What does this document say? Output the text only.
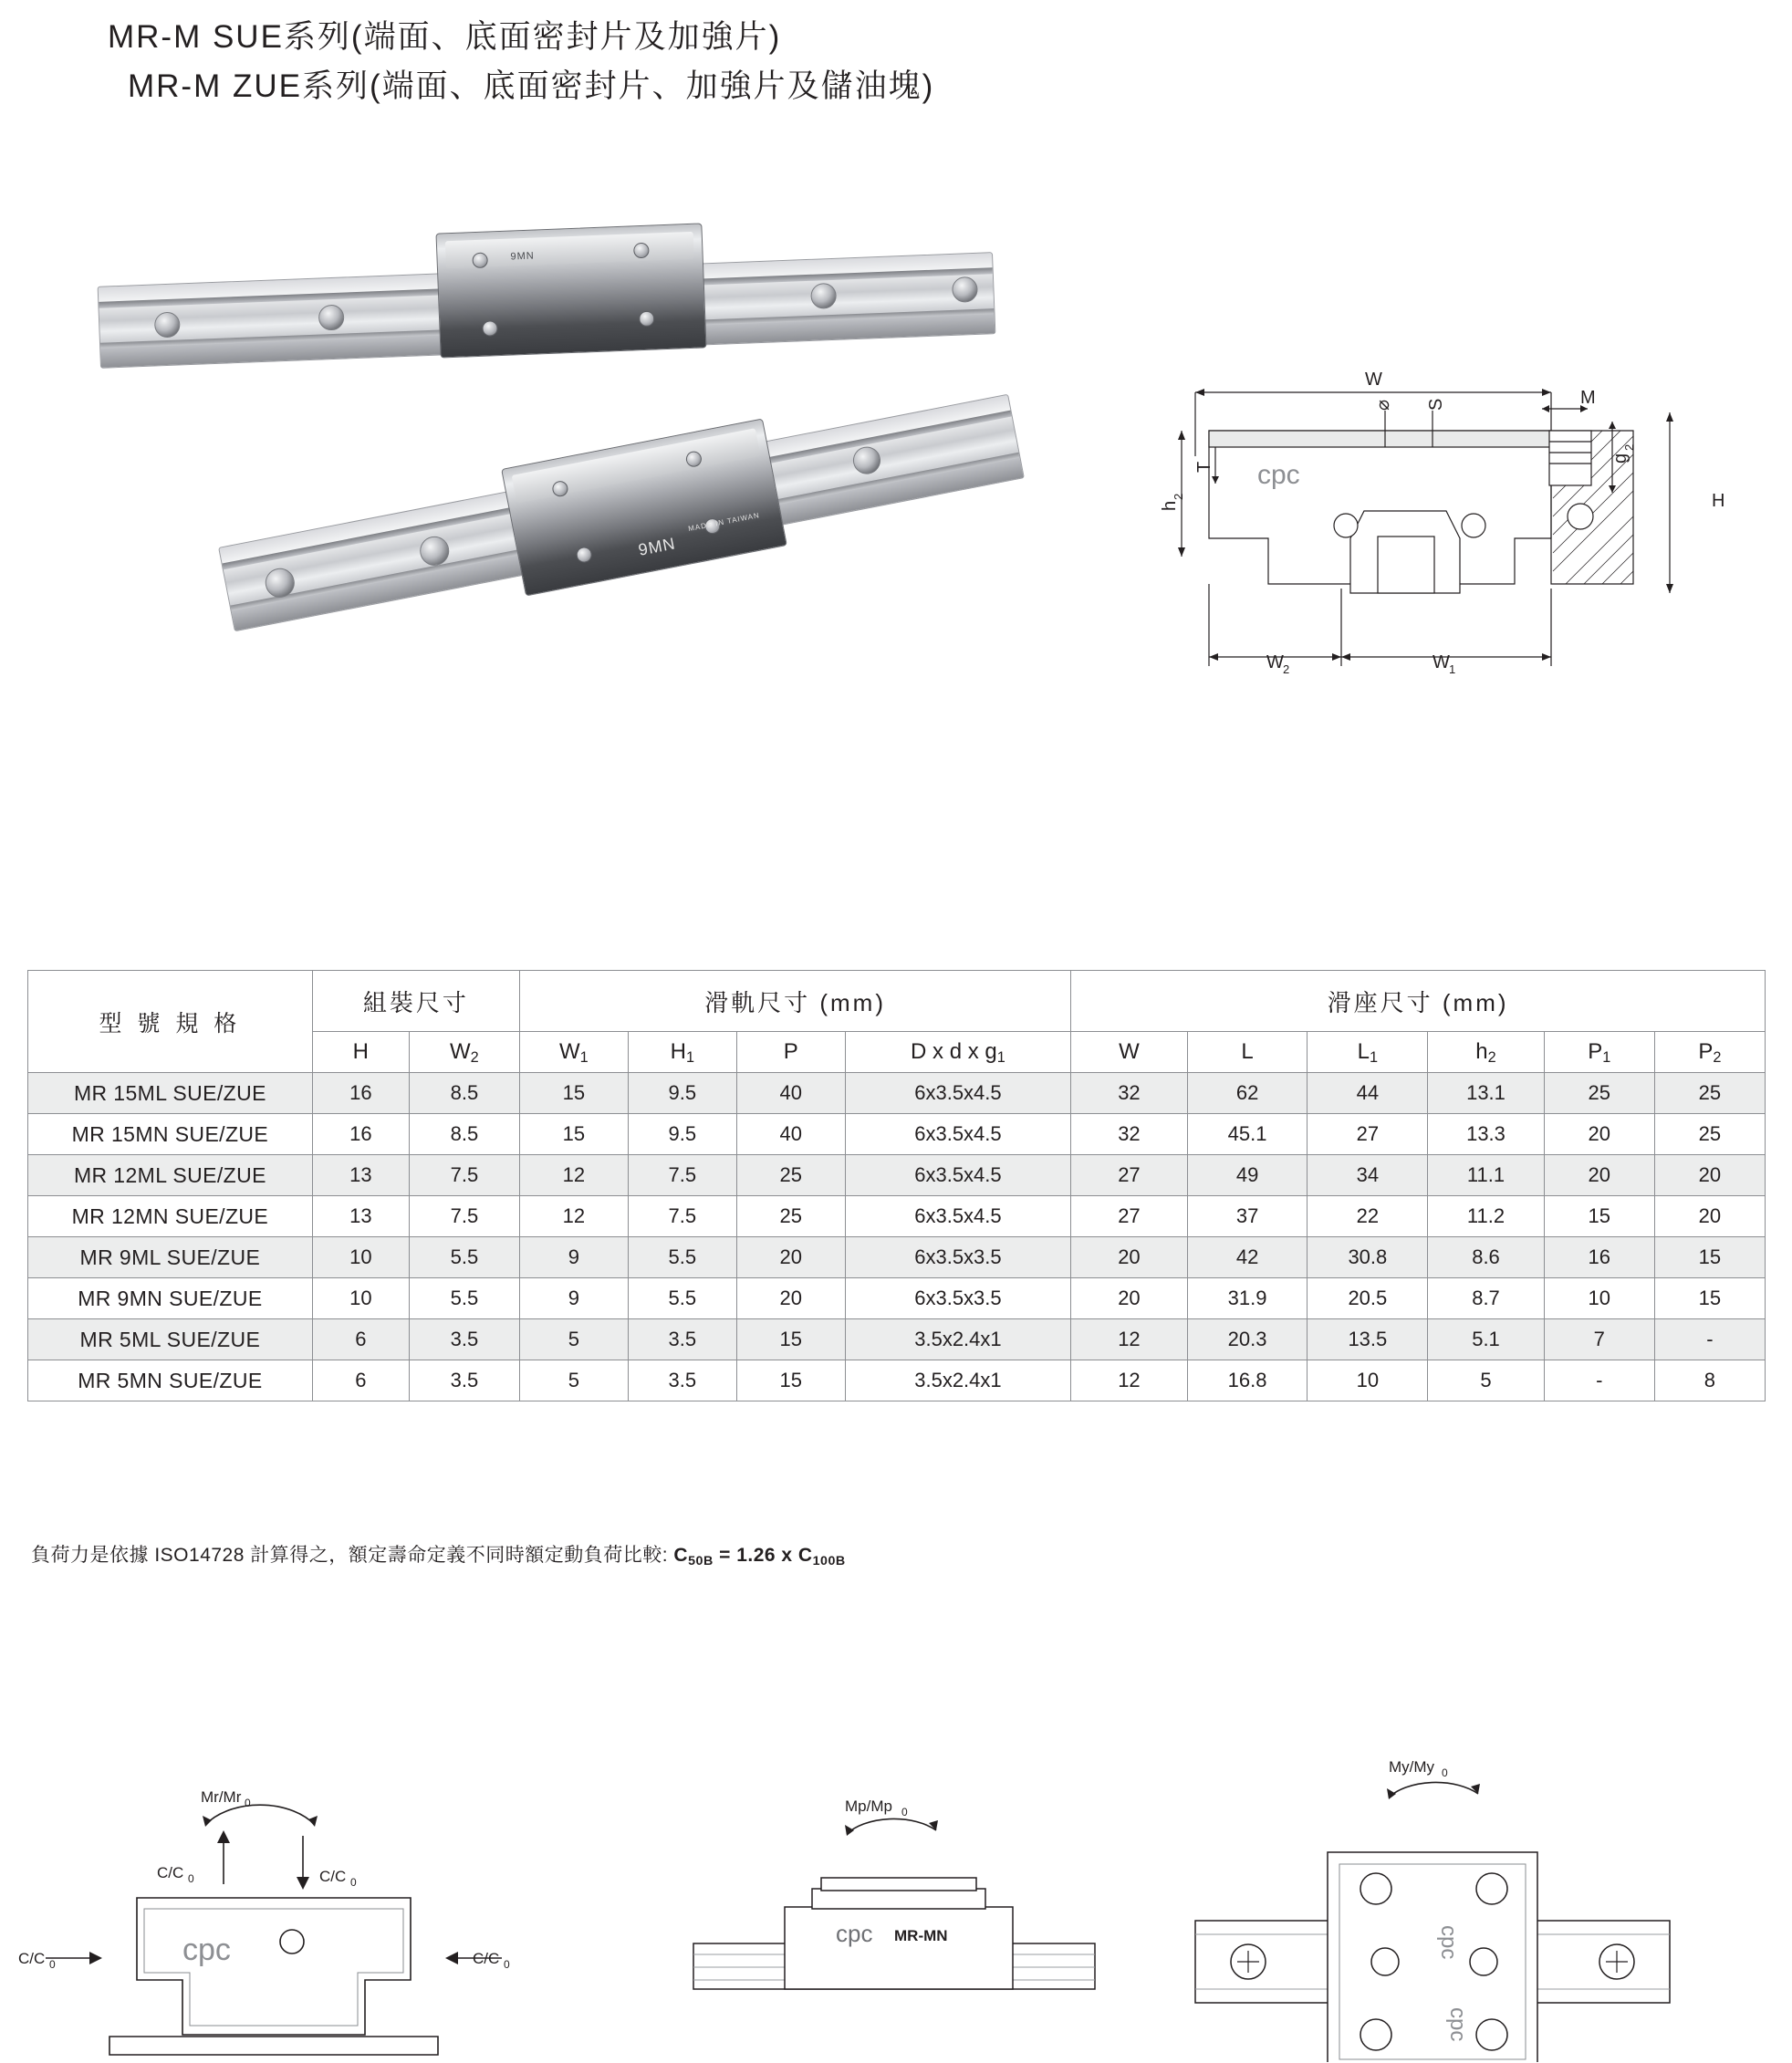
MR-M SUE系列(端面、底面密封片及加強片)
MR-M ZUE系列(端面、底面密封片、加強片及儲油塊)
9MN
9MN
MADE IN TAIWAN
W
H
M
W 2	W 1
h
2
T
S
⌀
g
2
cpc
型 號 規 格	組裝尺寸		滑軌尺寸 (mm)				滑座尺寸 (mm)					
	H	$W_2$	$W_1$	$H_1$	P	D x d x $g_1$	W	L	$L_1$	$h_2$	$P_1$	$P_2$
MR 15ML SUE/ZUE	16	8.5	15	9.5	40	6x3.5x4.5	32	62	44	13.1	25	25
MR 15MN SUE/ZUE	16	8.5	15	9.5	40	6x3.5x4.5	32	45.1	27	13.3	20	25
MR 12ML SUE/ZUE	13	7.5	12	7.5	25	6x3.5x4.5	27	49	34	11.1	20	20
MR 12MN SUE/ZUE	13	7.5	12	7.5	25	6x3.5x4.5	27	37	22	11.2	15	20
MR 9ML SUE/ZUE	10	5.5	9	5.5	20	6x3.5x3.5	20	42	30.8	8.6	16	15
MR 9MN SUE/ZUE	10	5.5	9	5.5	20	6x3.5x3.5	20	31.9	20.5	8.7	10	15
MR 5ML SUE/ZUE	6	3.5	5	3.5	15	3.5x2.4x1	12	20.3	13.5	5.1	7	-
MR 5MN SUE/ZUE	6	3.5	5	3.5	15	3.5x2.4x1	12	16.8	10	5	-	8
負荷力是依據 ISO14728 計算得之，額定壽命定義不同時額定動負荷比較: $C_{50B} = 1.26$ x $C_{100B}$
Mr/Mr 0
C/C 0	C/C 0
C/C 0	C/C 0
cpc
Mp/Mp 0
cpc MR-MN
My/My 0
cpc
cpc
